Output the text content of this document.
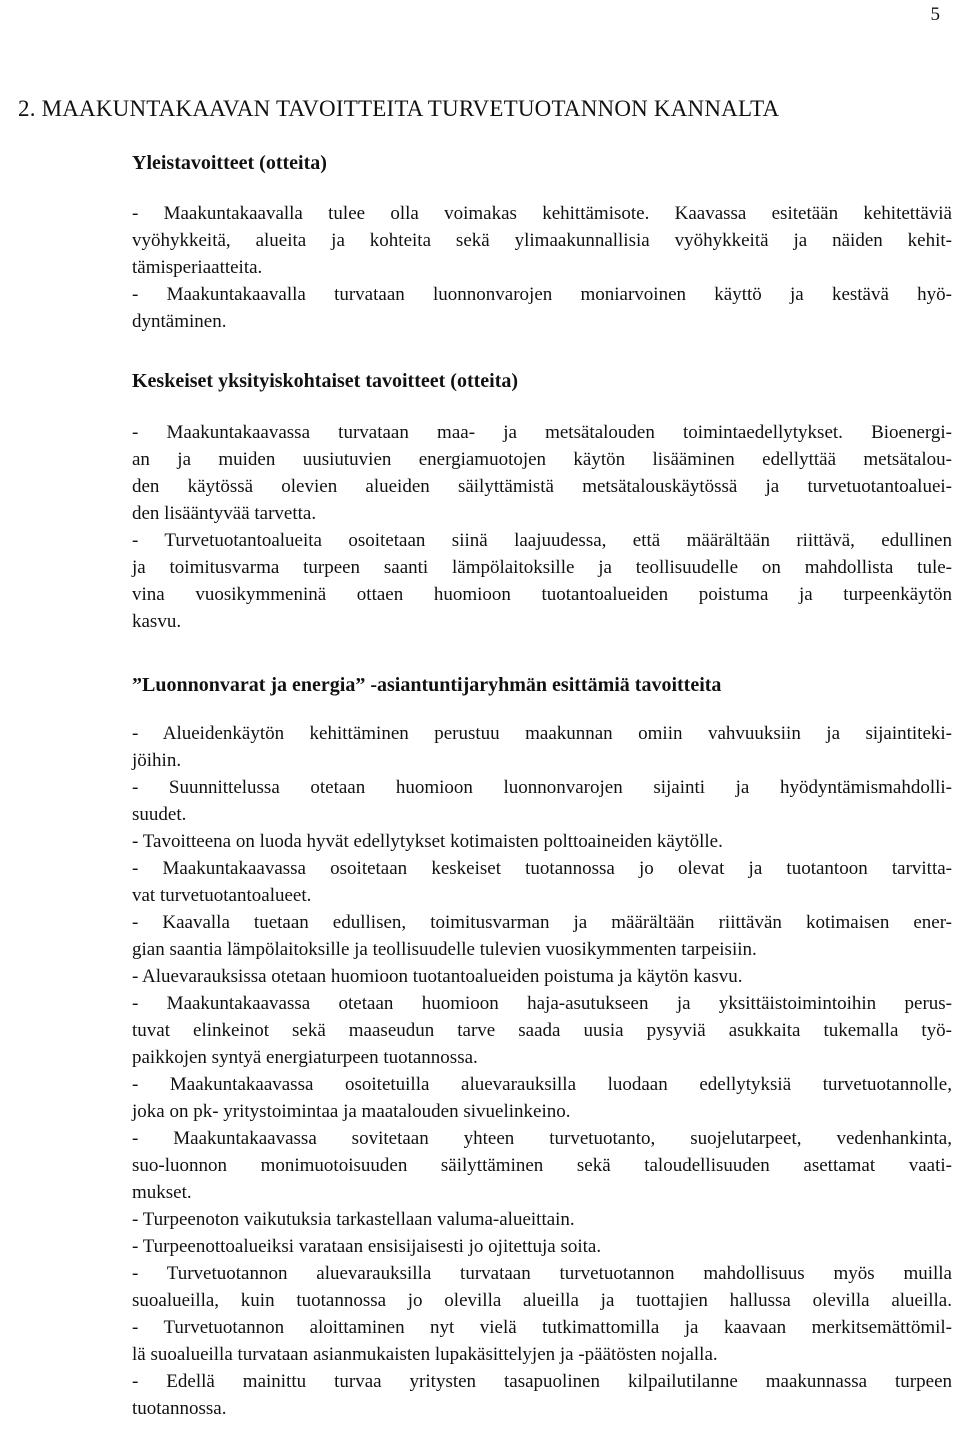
5
2. MAAKUNTAKAAVAN TAVOITTEITA TURVETUOTANNON KANNALTA
Yleistavoitteet (otteita)
- Maakuntakaavalla tulee olla voimakas kehittämisote. Kaavassa esitetään kehitettäviä
vyöhykkeitä, alueita ja kohteita sekä ylimaakunnallisia vyöhykkeitä ja näiden kehit-
tämisperiaatteita.
- Maakuntakaavalla turvataan luonnonvarojen moniarvoinen käyttö ja kestävä hyö-
dyntäminen.
Keskeiset yksityiskohtaiset tavoitteet (otteita)
- Maakuntakaavassa turvataan maa- ja metsätalouden toimintaedellytykset. Bioenergi-
an ja muiden uusiutuvien energiamuotojen käytön lisääminen edellyttää metsätalou-
den käytössä olevien alueiden säilyttämistä metsätalouskäytössä ja turvetuotantoaluei-
den lisääntyvää tarvetta.
- Turvetuotantoalueita osoitetaan siinä laajuudessa, että määrältään riittävä, edullinen
ja toimitusvarma turpeen saanti lämpölaitoksille ja teollisuudelle on mahdollista tule-
vina vuosikymmeninä ottaen huomioon tuotantoalueiden poistuma ja turpeenkäytön
kasvu.
”Luonnonvarat ja energia” -asiantuntijaryhmän esittämiä tavoitteita
- Alueidenkäytön kehittäminen perustuu maakunnan omiin vahvuuksiin ja sijaintiteki-
jöihin.
- Suunnittelussa otetaan huomioon luonnonvarojen sijainti ja hyödyntämismahdolli-
suudet.
- Tavoitteena on luoda hyvät edellytykset kotimaisten polttoaineiden käytölle.
- Maakuntakaavassa osoitetaan keskeiset tuotannossa jo olevat ja tuotantoon tarvitta-
vat turvetuotantoalueet.
- Kaavalla tuetaan edullisen, toimitusvarman ja määrältään riittävän kotimaisen ener-
gian saantia lämpölaitoksille ja teollisuudelle tulevien vuosikymmenten tarpeisiin.
- Aluevarauksissa otetaan huomioon tuotantoalueiden poistuma ja käytön kasvu.
- Maakuntakaavassa otetaan huomioon haja-asutukseen ja yksittäistoimintoihin perus-
tuvat elinkeinot sekä maaseudun tarve saada uusia pysyviä asukkaita tukemalla työ-
paikkojen syntyä energiaturpeen tuotannossa.
- Maakuntakaavassa osoitetuilla aluevarauksilla luodaan edellytyksiä turvetuotannolle,
joka on pk- yritystoimintaa ja maatalouden sivuelinkeino.
- Maakuntakaavassa sovitetaan yhteen turvetuotanto, suojelutarpeet, vedenhankinta,
suo-luonnon monimuotoisuuden säilyttäminen sekä taloudellisuuden asettamat vaati-
mukset.
- Turpeenoton vaikutuksia tarkastellaan valuma-alueittain.
- Turpeenottoalueiksi varataan ensisijaisesti jo ojitettuja soita.
- Turvetuotannon aluevarauksilla turvataan turvetuotannon mahdollisuus myös muilla
suoalueilla, kuin tuotannossa jo olevilla alueilla ja tuottajien hallussa olevilla alueilla.
- Turvetuotannon aloittaminen nyt vielä tutkimattomilla ja kaavaan merkitsemättömil-
lä suoalueilla turvataan asianmukaisten lupakäsittelyjen ja -päätösten nojalla.
- Edellä mainittu turvaa yritysten tasapuolinen kilpailutilanne maakunnassa turpeen
tuotannossa.
